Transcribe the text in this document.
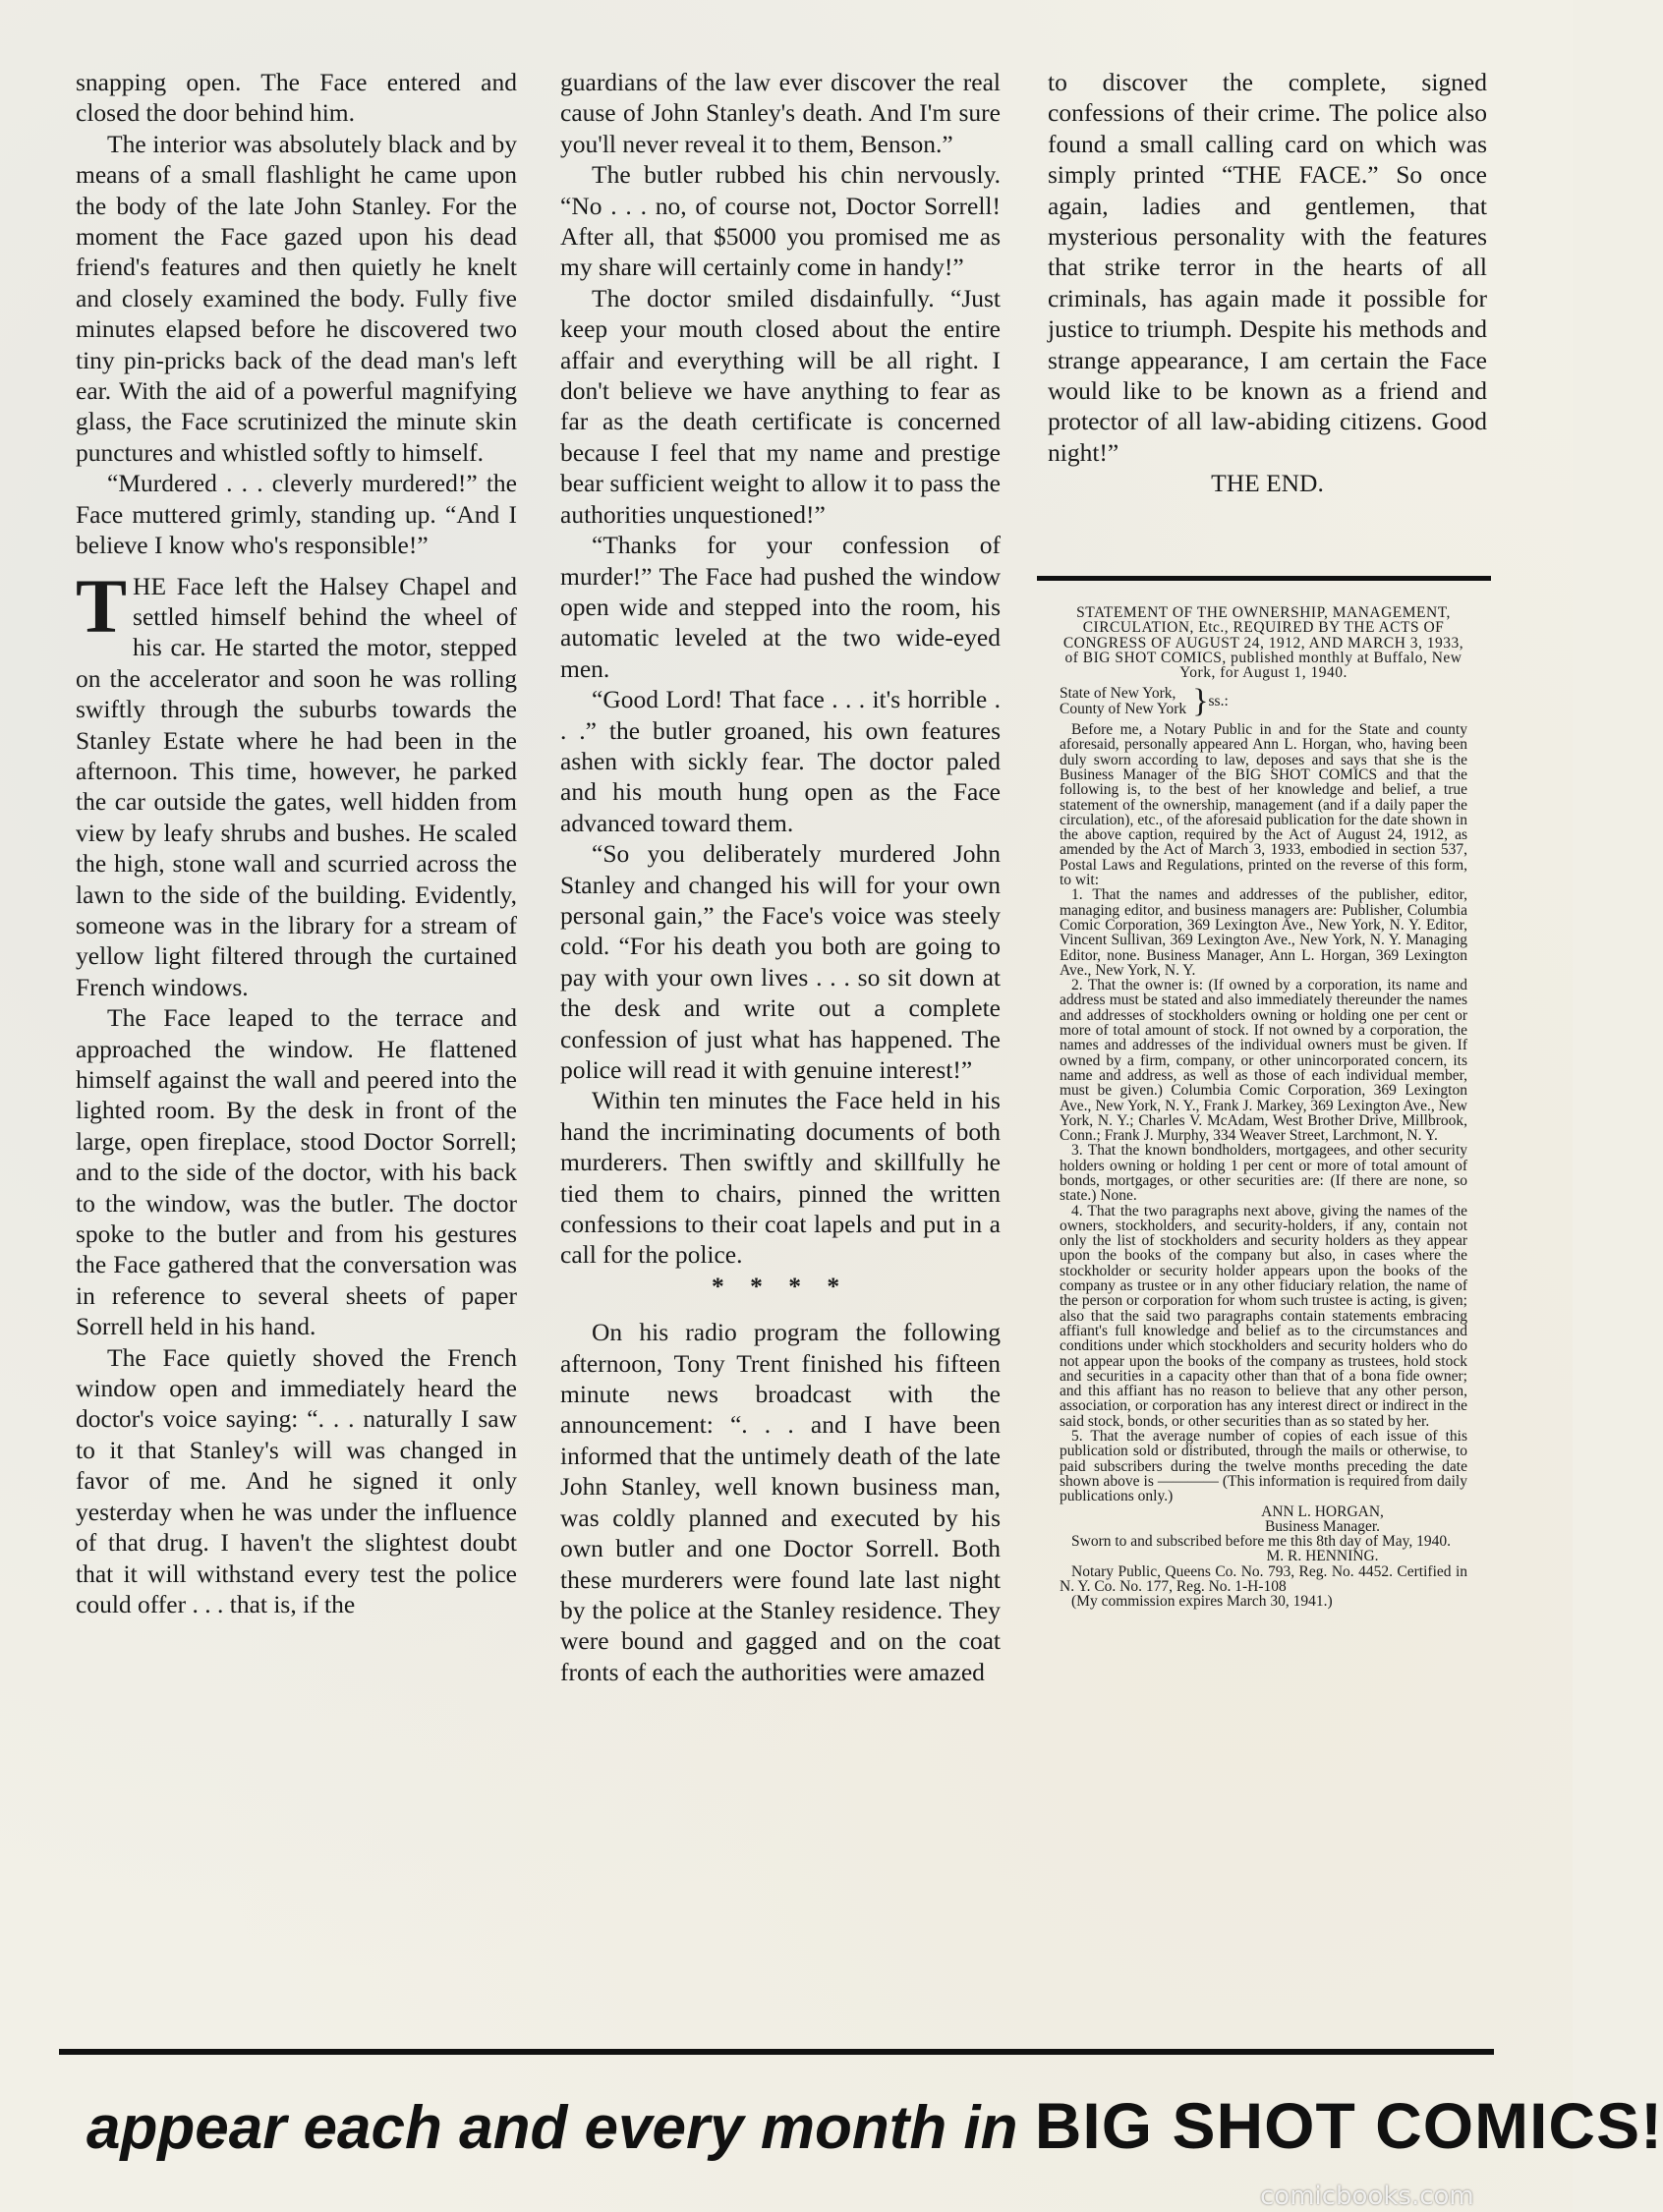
snapping open. The Face entered and closed the door behind him.

The interior was absolutely black and by means of a small flashlight he came upon the body of the late John Stanley. For the moment the Face gazed upon his dead friend's features and then quietly he knelt and closely examined the body. Fully five minutes elapsed before he discovered two tiny pin-pricks back of the dead man's left ear. With the aid of a powerful magnifying glass, the Face scrutinized the minute skin punctures and whistled softly to himself.

“Murdered . . . cleverly murdered!” the Face muttered grimly, standing up. “And I believe I know who's responsible!”

THE Face left the Halsey Chapel and settled himself behind the wheel of his car. He started the motor, stepped on the accelerator and soon he was rolling swiftly through the suburbs towards the Stanley Estate where he had been in the afternoon. This time, however, he parked the car outside the gates, well hidden from view by leafy shrubs and bushes. He scaled the high, stone wall and scurried across the lawn to the side of the building. Evidently, someone was in the library for a stream of yellow light filtered through the curtained French windows.

The Face leaped to the terrace and approached the window. He flattened himself against the wall and peered into the lighted room. By the desk in front of the large, open fireplace, stood Doctor Sorrell; and to the side of the doctor, with his back to the window, was the butler. The doctor spoke to the butler and from his gestures the Face gathered that the conversation was in reference to several sheets of paper Sorrell held in his hand.

The Face quietly shoved the French window open and immediately heard the doctor's voice saying: “. . . naturally I saw to it that Stanley's will was changed in favor of me. And he signed it only yesterday when he was under the influence of that drug. I haven't the slightest doubt that it will withstand every test the police could offer . . . that is, if the

guardians of the law ever discover the real cause of John Stanley's death. And I'm sure you'll never reveal it to them, Benson.”

The butler rubbed his chin nervously. “No . . . no, of course not, Doctor Sorrell! After all, that $5000 you promised me as my share will certainly come in handy!”

The doctor smiled disdainfully. “Just keep your mouth closed about the entire affair and everything will be all right. I don't believe we have anything to fear as far as the death certificate is concerned because I feel that my name and prestige bear sufficient weight to allow it to pass the authorities unquestioned!”

“Thanks for your confession of murder!” The Face had pushed the window open wide and stepped into the room, his automatic leveled at the two wide-eyed men.

“Good Lord! That face . . . it's horrible . . .” the butler groaned, his own features ashen with sickly fear. The doctor paled and his mouth hung open as the Face advanced toward them.

“So you deliberately murdered John Stanley and changed his will for your own personal gain,” the Face's voice was steely cold. “For his death you both are going to pay with your own lives . . . so sit down at the desk and write out a complete confession of just what has happened. The police will read it with genuine interest!”

Within ten minutes the Face held in his hand the incriminating documents of both murderers. Then swiftly and skillfully he tied them to chairs, pinned the written confessions to their coat lapels and put in a call for the police.

* * * *

On his radio program the following afternoon, Tony Trent finished his fifteen minute news broadcast with the announcement: “. . . and I have been informed that the untimely death of the late John Stanley, well known business man, was coldly planned and executed by his own butler and one Doctor Sorrell. Both these murderers were found late last night by the police at the Stanley residence. They were bound and gagged and on the coat fronts of each the authorities were amazed

to discover the complete, signed confessions of their crime. The police also found a small calling card on which was simply printed “THE FACE.” So once again, ladies and gentlemen, that mysterious personality with the features that strike terror in the hearts of all criminals, has again made it possible for justice to triumph. Despite his methods and strange appearance, I am certain the Face would like to be known as a friend and protector of all law-abiding citizens. Good night!”

THE END.

STATEMENT OF THE OWNERSHIP, MANAGEMENT, CIRCULATION, Etc., REQUIRED BY THE ACTS OF CONGRESS OF AUGUST 24, 1912, AND MARCH 3, 1933, of BIG SHOT COMICS, published monthly at Buffalo, New York, for August 1, 1940.

State of New York,

County of New York } ss.:

Before me, a Notary Public in and for the State and county aforesaid, personally appeared Ann L. Horgan, who, having been duly sworn according to law, deposes and says that she is the Business Manager of the BIG SHOT COMICS and that the following is, to the best of her knowledge and belief, a true statement of the ownership, management (and if a daily paper the circulation), etc., of the aforesaid publication for the date shown in the above caption, required by the Act of August 24, 1912, as amended by the Act of March 3, 1933, embodied in section 537, Postal Laws and Regulations, printed on the reverse of this form, to wit:

1. That the names and addresses of the publisher, editor, managing editor, and business managers are: Publisher, Columbia Comic Corporation, 369 Lexington Ave., New York, N. Y. Editor, Vincent Sullivan, 369 Lexington Ave., New York, N. Y. Managing Editor, none. Business Manager, Ann L. Horgan, 369 Lexington Ave., New York, N. Y.

2. That the owner is: (If owned by a corporation, its name and address must be stated and also immediately thereunder the names and addresses of stockholders owning or holding one per cent or more of total amount of stock. If not owned by a corporation, the names and addresses of the individual owners must be given. If owned by a firm, company, or other unincorporated concern, its name and address, as well as those of each individual member, must be given.) Columbia Comic Corporation, 369 Lexington Ave., New York, N. Y., Frank J. Markey, 369 Lexington Ave., New York, N. Y.; Charles V. McAdam, West Brother Drive, Millbrook, Conn.; Frank J. Murphy, 334 Weaver Street, Larchmont, N. Y.

3. That the known bondholders, mortgagees, and other security holders owning or holding 1 per cent or more of total amount of bonds, mortgages, or other securities are: (If there are none, so state.) None.

4. That the two paragraphs next above, giving the names of the owners, stockholders, and security-holders, if any, contain not only the list of stockholders and security holders as they appear upon the books of the company but also, in cases where the stockholder or security holder appears upon the books of the company as trustee or in any other fiduciary relation, the name of the person or corporation for whom such trustee is acting, is given; also that the said two paragraphs contain statements embracing affiant's full knowledge and belief as to the circumstances and conditions under which stockholders and security holders who do not appear upon the books of the company as trustees, hold stock and securities in a capacity other than that of a bona fide owner; and this affiant has no reason to believe that any other person, association, or corporation has any interest direct or indirect in the said stock, bonds, or other securities than as so stated by her.

5. That the average number of copies of each issue of this publication sold or distributed, through the mails or otherwise, to paid subscribers during the twelve months preceding the date shown above is ———— (This information is required from daily publications only.)

ANN L. HORGAN,

Business Manager.

Sworn to and subscribed before me this 8th day of May, 1940.

M. R. HENNING.

Notary Public, Queens Co. No. 793, Reg. No. 4452. Certified in N. Y. Co. No. 177, Reg. No. 1-H-108

(My commission expires March 30, 1941.)

appear each and every month in BIG SHOT COMICS!
comicbooks.com
